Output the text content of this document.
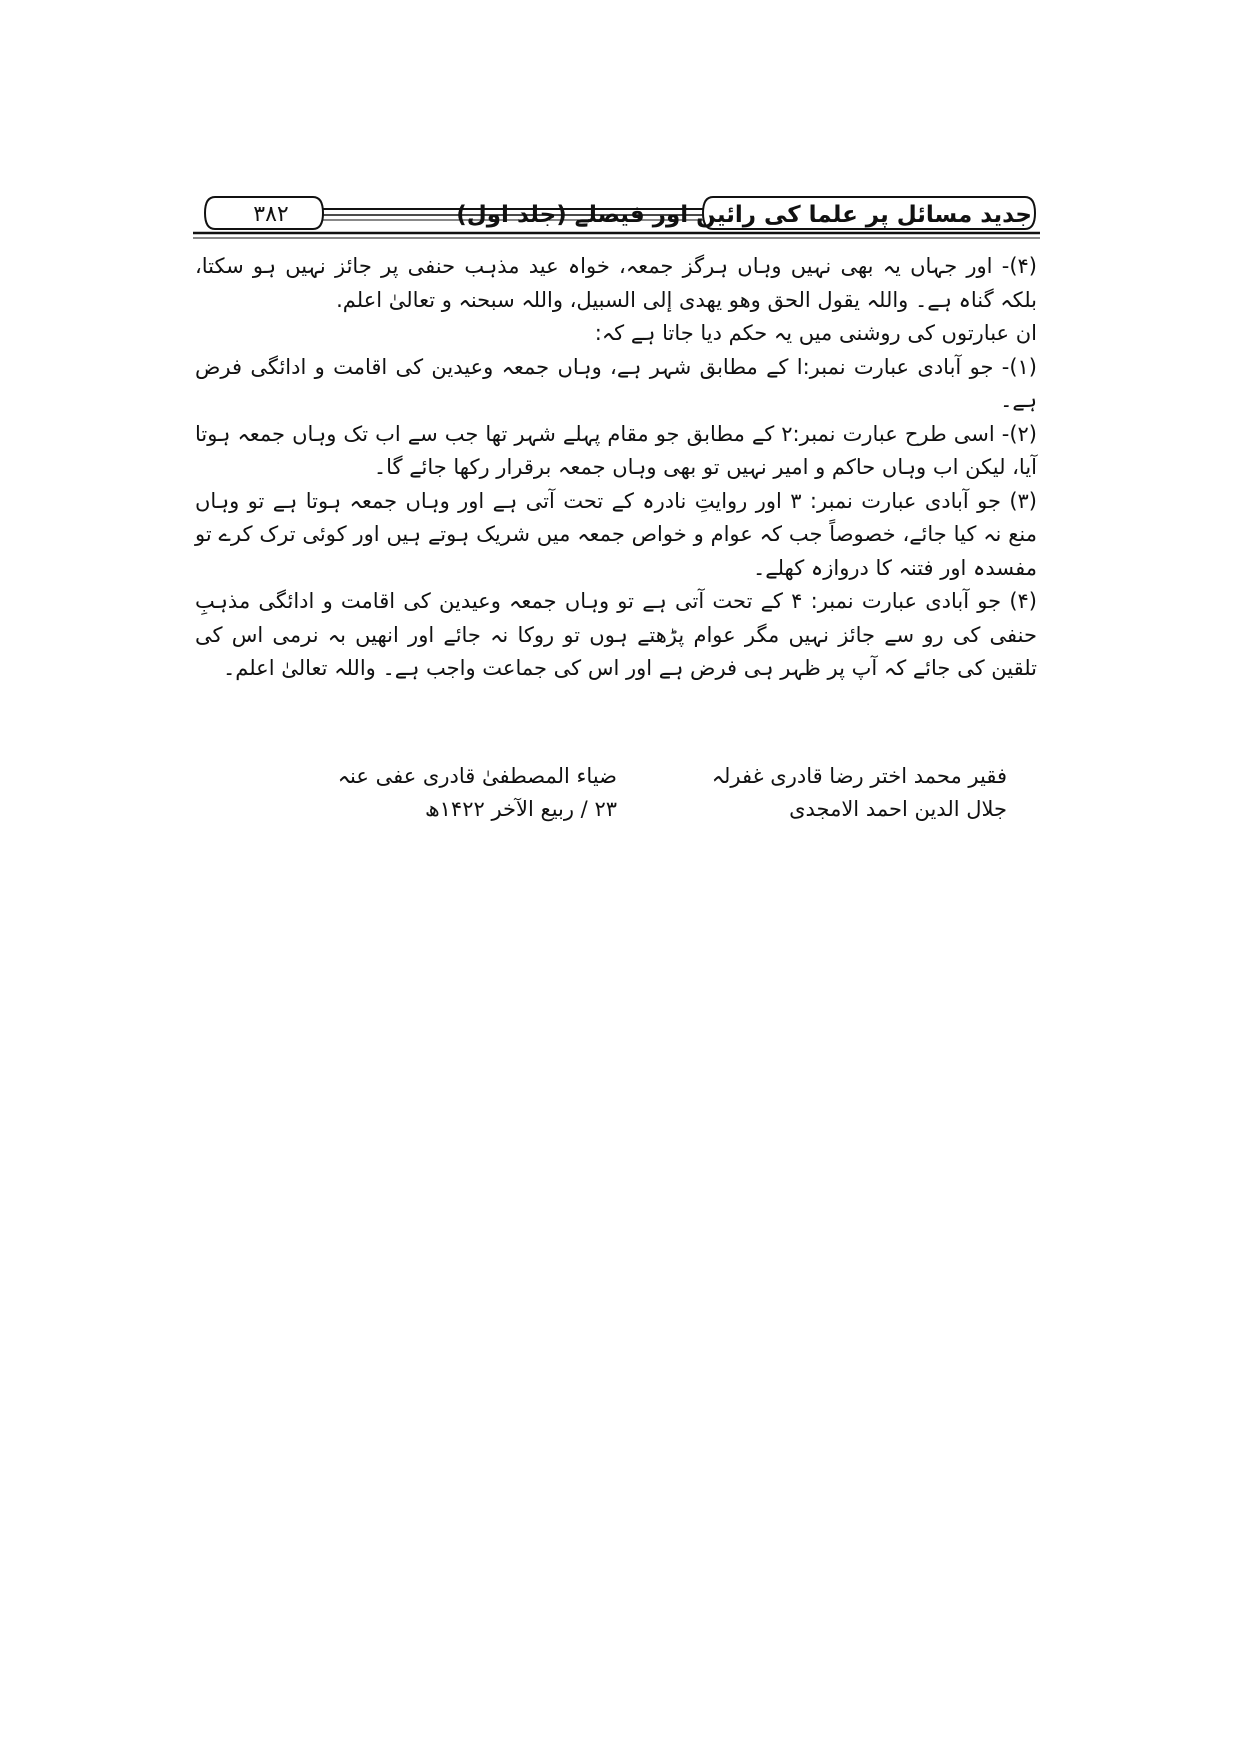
جدید مسائل پر علما کی رائیں اور فیصلے (جلد اول)
۳۸۲

(۴)- اور جہاں یہ بھی نہیں وہاں ہرگز جمعہ، خواہ عید مذہب حنفی پر جائز نہیں ہو سکتا، بلکہ گناہ ہے۔ واللہ یقول الحق وھو یھدی إلی السبیل، واللہ سبحنہ و تعالیٰ اعلم.

ان عبارتوں کی روشنی میں یہ حکم دیا جاتا ہے کہ:

(۱)- جو آبادی عبارت نمبر:ا کے مطابق شہر ہے، وہاں جمعہ وعیدین کی اقامت و ادائگی فرض ہے۔

(۲)- اسی طرح عبارت نمبر:۲ کے مطابق جو مقام پہلے شہر تھا جب سے اب تک وہاں جمعہ ہوتا آیا، لیکن اب وہاں حاکم و امیر نہیں تو بھی وہاں جمعہ برقرار رکھا جائے گا۔

(۳) جو آبادی عبارت نمبر: ۳ اور روایتِ نادرہ کے تحت آتی ہے اور وہاں جمعہ ہوتا ہے تو وہاں منع نہ کیا جائے، خصوصاً جب کہ عوام و خواص جمعہ میں شریک ہوتے ہیں اور کوئی ترک کرے تو مفسدہ اور فتنہ کا دروازہ کھلے۔

(۴) جو آبادی عبارت نمبر: ۴ کے تحت آتی ہے تو وہاں جمعہ وعیدین کی اقامت و ادائگی مذہبِ حنفی کی رو سے جائز نہیں مگر عوام پڑھتے ہوں تو روکا نہ جائے اور انھیں بہ نرمی اس کی تلقین کی جائے کہ آپ پر ظہر ہی فرض ہے اور اس کی جماعت واجب ہے۔ واللہ تعالیٰ اعلم۔

فقیر محمد اختر رضا قادری غفرلہ
جلال الدین احمد الامجدی
ضیاء المصطفیٰ قادری عفی عنہ
۲۳ / ربیع الآخر ۱۴۲۲ھ
